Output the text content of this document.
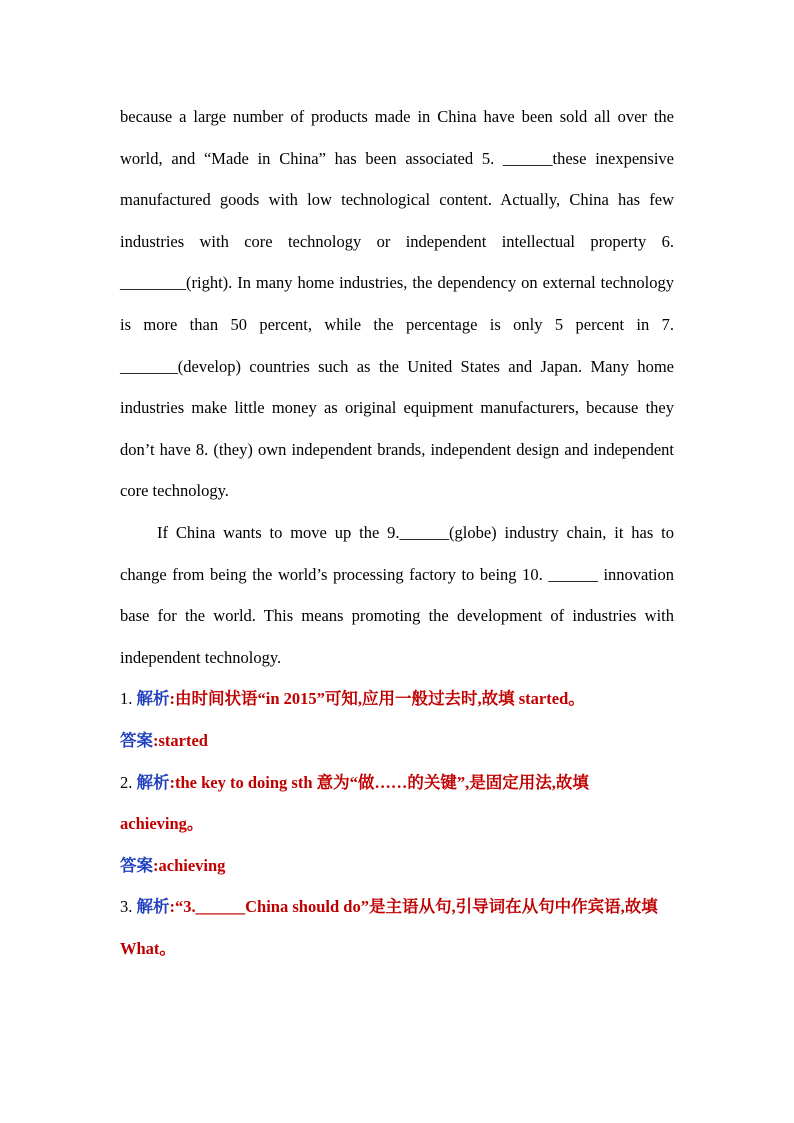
because a large number of products made in China have been sold all over the world, and “Made in China” has been associated 5. ______these inexpensive manufactured goods with low technological content. Actually, China has few industries with core technology or independent intellectual property 6. ________(right). In many home industries, the dependency on external technology is more than 50 percent, while the percentage is only 5 percent in 7. _______(develop) countries such as the United States and Japan. Many home industries make little money as original equipment manufacturers, because they don’t have 8. (they) own independent brands, independent design and independent core technology.

If China wants to move up the 9.______(globe) industry chain, it has to change from being the world’s processing factory to being 10. ______ innovation base for the world. This means promoting the development of industries with independent technology.

1. 解析:由时间状语“in 2015”可知,应用一般过去时,故填 started。

答案:started

2. 解析:the key to doing sth 意为“做……的关键”,是固定用法,故填 achieving。

答案:achieving

3. 解析:“3.______China should do”是主语从句,引导词在从句中作宾语,故填 What。
